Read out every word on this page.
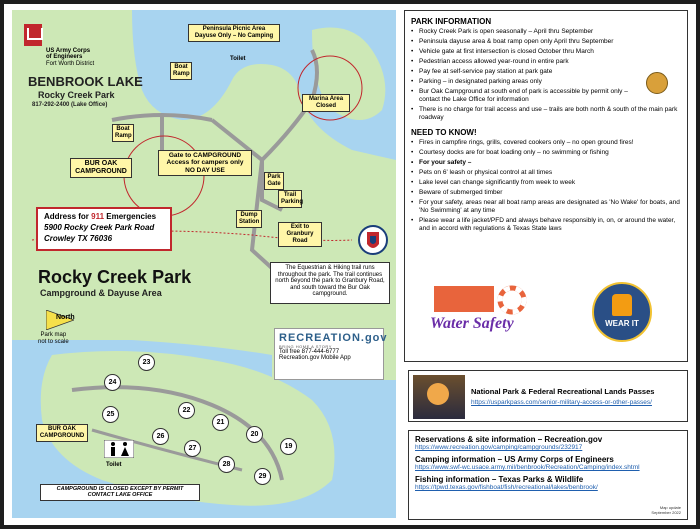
US Army Corps
of Engineers
Fort Worth District
BENBROOK LAKE
Rocky Creek Park
817-292-2400 (Lake Office)
Peninsula Picnic Area
Dayuse Only – No Camping
Toilet
Boat
Ramp
Boat
Ramp
Marina Area
Closed
BUR OAK
CAMPGROUND
Gate to CAMPGROUND
Access for campers only
NO DAY USE
Park
Gate
Trail
Parking
Dump
Station
Exit to
Granbury Road
Address for 911 Emergencies
5900 Rocky Creek Park Road
Crowley TX 76036
The Equestrian & Hiking trail runs throughout the park. The trail continues north beyond the park to Granbury Road, and south toward the Bur Oak campground.
Rocky Creek Park
Campground & Dayuse Area
North
Park map
not to scale	RECREATION.gov
BRING HOME A STORY
Toll free 877-444-6777
Recreation.gov Mobile App
23
24
25
22
21
20
26
27
28
19
29
BUR OAK
CAMPGROUND
Toilet
CAMPGROUND IS CLOSED EXCEPT BY PERMIT
CONTACT LAKE OFFICE
PARK INFORMATION
• Rocky Creek Park is open seasonally – April thru September
• Peninsula dayuse area & boat ramp open only April thru September
• Vehicle gate at first intersection is closed October thru March
• Pedestrian access allowed year-round in entire park
• Pay fee at self-service pay station at park gate
• Parking – in designated parking areas only
• Bur Oak Campground at south end of park is accessible by permit only – contact the Lake Office for information
• There is no charge for trail access and use – trails are both north & south of the main park roadway
NEED TO KNOW!
• Fires in campfire rings, grills, covered cookers only – no open ground fires!
• Courtesy docks are for boat loading only – no swimming or fishing
• For your safety –
• Pets on 6' leash or physical control at all times
• Lake level can change significantly from week to week
• Beware of submerged timber
• For your safety, areas near all boat ramp areas are designated as 'No Wake' for boats, and 'No Swimming' at any time
• Please wear a life jacket/PFD and always behave responsibly in, on, or around the water, and in accord with regulations & Texas State laws
Water Safety	WEAR IT
National Park & Federal Recreational Lands Passes
https://usparkpass.com/senior-military-access-or-other-passes/
Reservations & site information – Recreation.gov
https://www.recreation.gov/camping/campgrounds/232917
Camping information – US Army Corps of Engineers
https://www.swf-wc.usace.army.mil/benbrook/Recreation/Camping/index.shtml
Fishing information – Texas Parks & Wildlife
https://tpwd.texas.gov/fishboat/fish/recreational/lakes/benbrook/
Map update
September 2022
